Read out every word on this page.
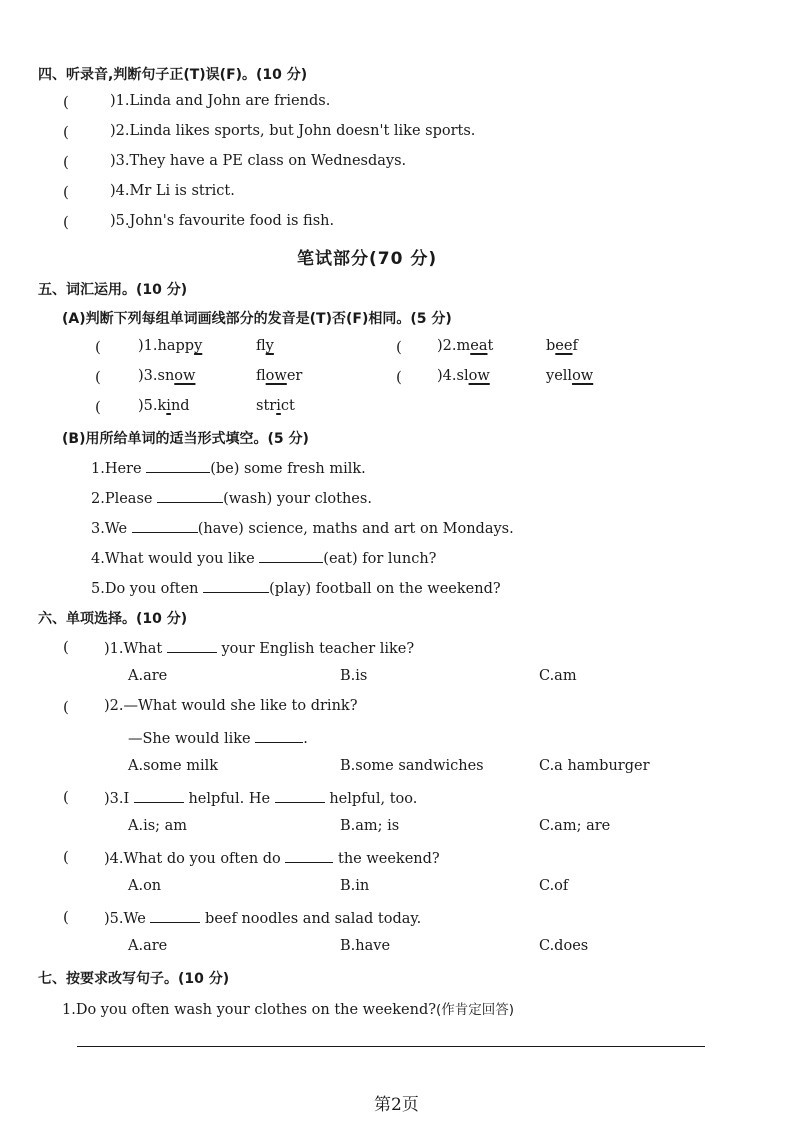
四、听录音,判断句子正(T)误(F)。(10 分)
(	)1.Linda and John are friends.
(	)2.Linda likes sports, but John doesn't like sports.
(	)3.They have a PE class on Wednesdays.
(	)4.Mr Li is strict.
(	)5.John's favourite food is fish.
笔试部分(70 分)
五、词汇运用。(10 分)
(A)判断下列每组单词画线部分的发音是(T)否(F)相同。(5 分)
(	)1.happy	fly	( )2.meat	beef
(	)3.snow	flower	( )4.slow	yellow
(	)5.kind	strict
(B)用所给单词的适当形式填空。(5 分)
1.Here	(be) some fresh milk.
2.Please	(wash) your clothes.
3.We	(have) science, maths and art on Mondays.
4.What would you like	(eat) for lunch?
5.Do you often	(play) football on the weekend?
六、单项选择。(10 分)
( )1.What	your English teacher like?
A.are	B.is	C.am
( )2.—What would she like to drink?
—She would like	.
A.some milk	B.some sandwiches	C.a hamburger
( )3.I	helpful. He	helpful, too.
A.is; am	B.am; is	C.am; are
( )4.What do you often do	the weekend?
A.on	B.in	C.of
( )5.We	beef noodles and salad today.
A.are	B.have	C.does
七、按要求改写句子。(10 分)
1.Do you often wash your clothes on the weekend?(作肯定回答)
第2页
